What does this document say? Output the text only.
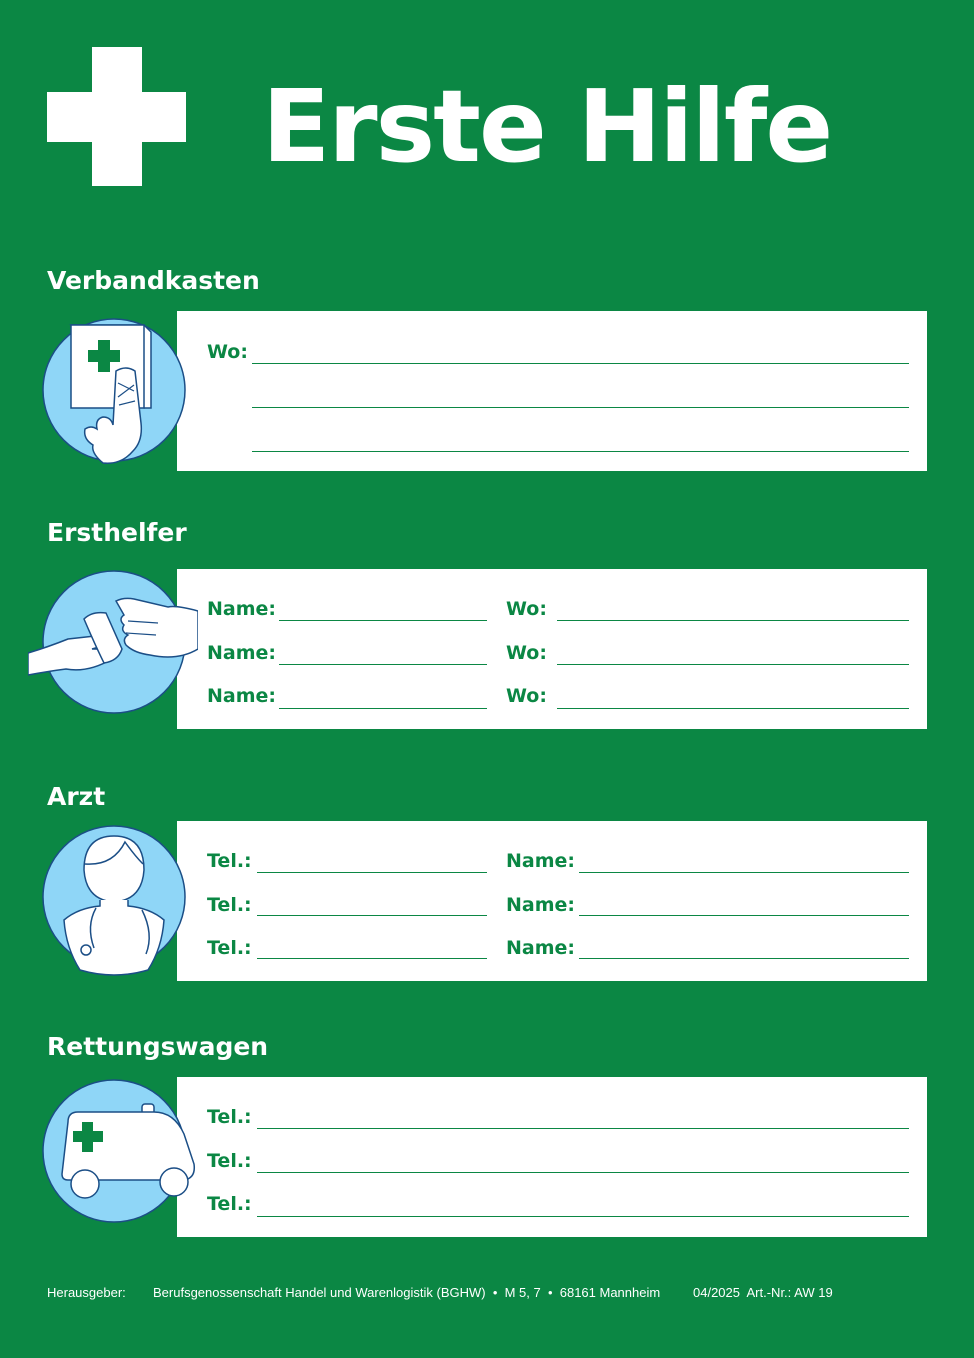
Erste Hilfe
Verbandkasten
Wo:
Ersthelfer
Name:	Wo:
Name:	Wo:
Name:	Wo:
Arzt
Tel.:	Name:
Tel.:	Name:
Tel.:	Name:
Rettungswagen
Tel.:
Tel.:
Tel.:
Herausgeber: Berufsgenossenschaft Handel und Warenlogistik (BGHW)  •  M 5, 7  •  68161 Mannheim	04/2025  Art.-Nr.: AW 19
